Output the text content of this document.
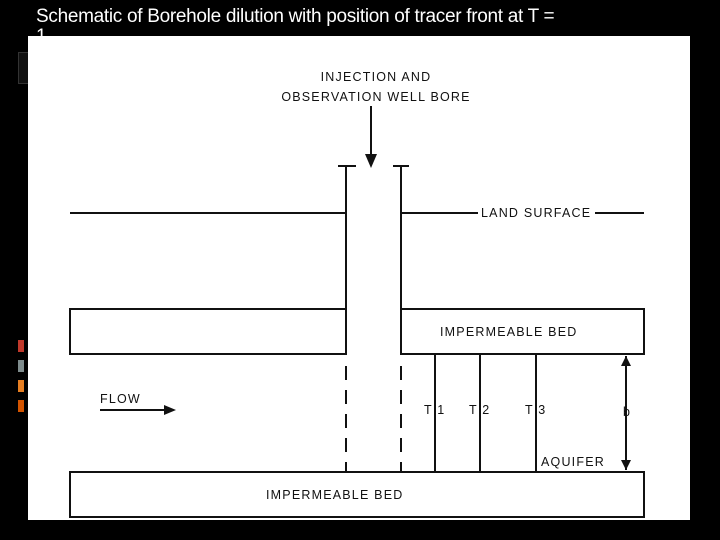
Schematic of Borehole dilution with position of tracer front at T =
INJECTION AND
OBSERVATION WELL BORE
LAND SURFACE
IMPERMEABLE BED
FLOW
T 1 T 2	T 3	b
AQUIFER
IMPERMEABLE BED
